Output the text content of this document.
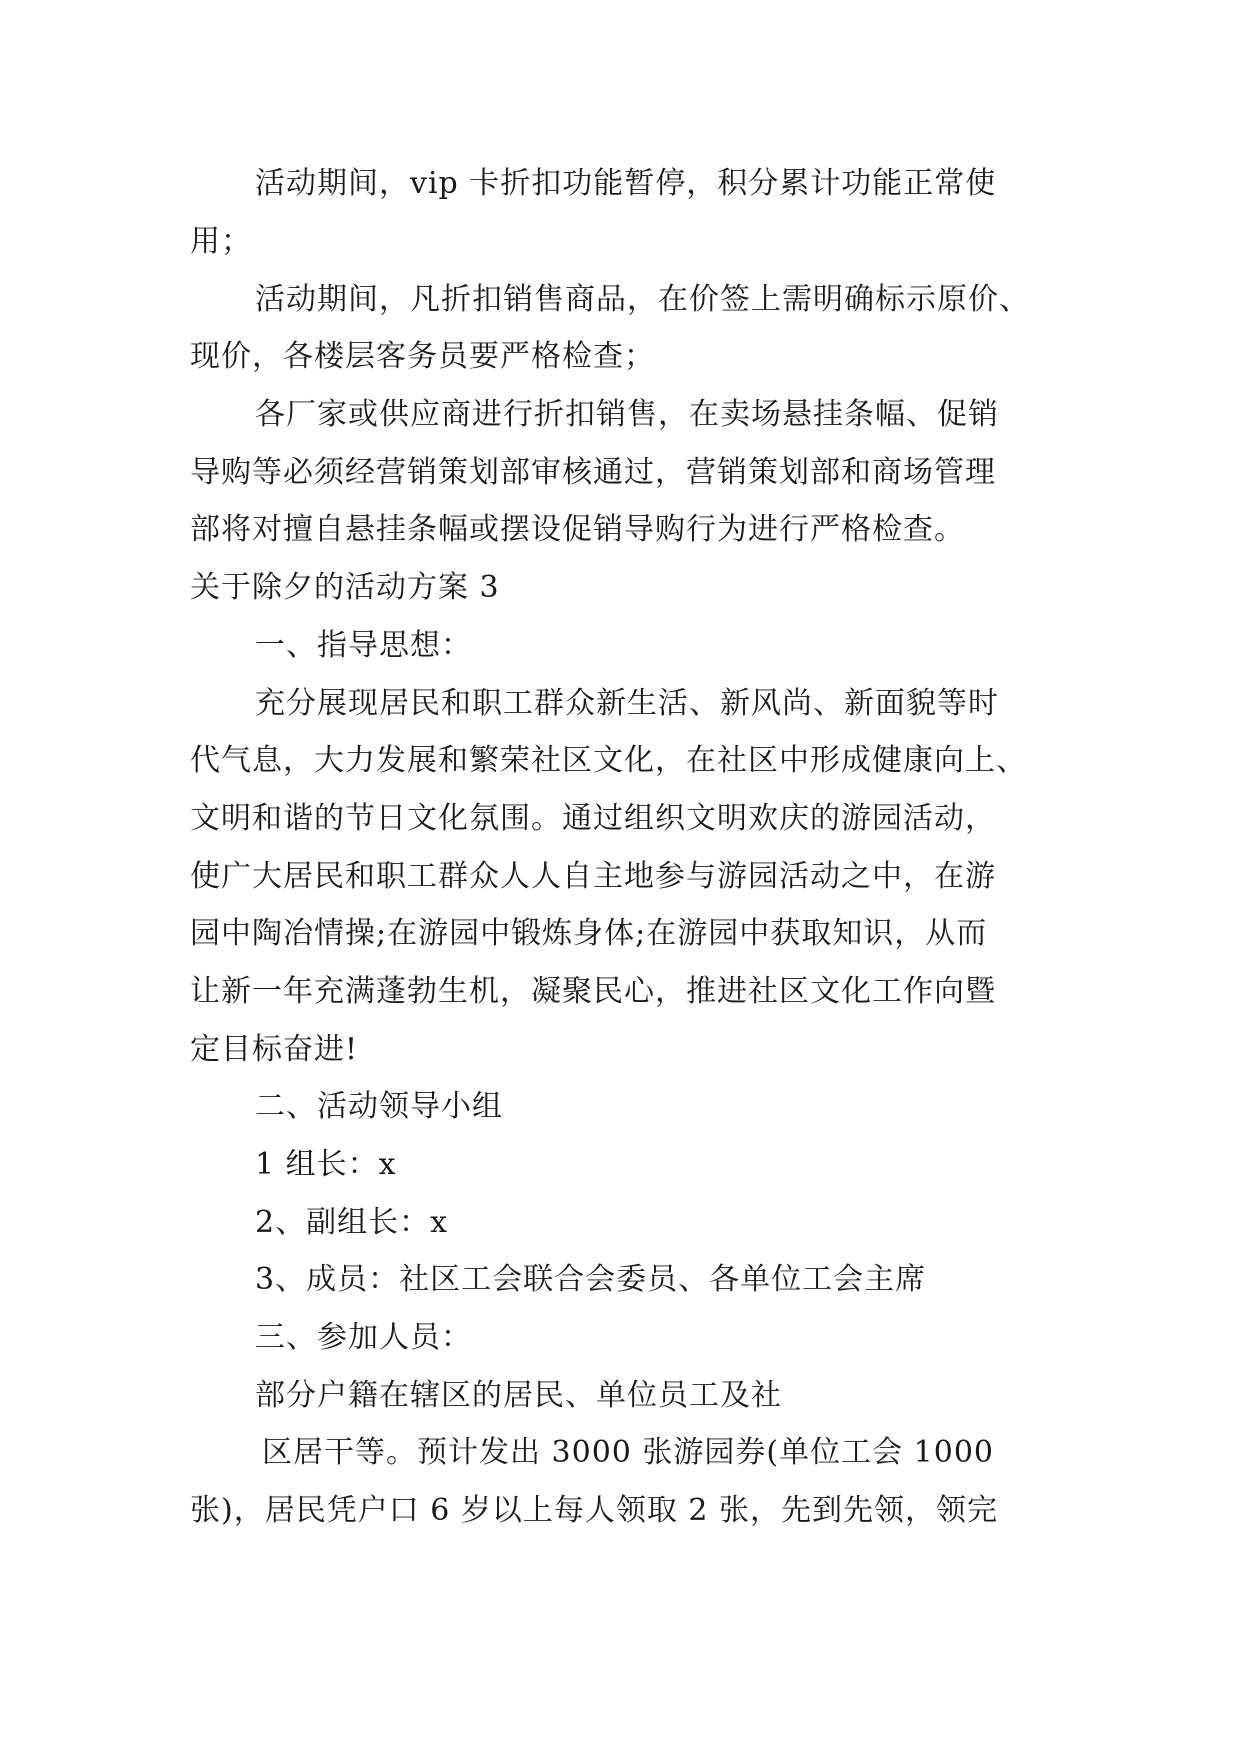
活动期间，vip 卡折扣功能暂停，积分累计功能正常使
用；
活动期间，凡折扣销售商品，在价签上需明确标示原价、
现价，各楼层客务员要严格检查；
各厂家或供应商进行折扣销售，在卖场悬挂条幅、促销
导购等必须经营销策划部审核通过，营销策划部和商场管理
部将对擅自悬挂条幅或摆设促销导购行为进行严格检查。
关于除夕的活动方案 3
一、指导思想：
充分展现居民和职工群众新生活、新风尚、新面貌等时
代气息，大力发展和繁荣社区文化，在社区中形成健康向上、
文明和谐的节日文化氛围。通过组织文明欢庆的游园活动，
使广大居民和职工群众人人自主地参与游园活动之中，在游
园中陶冶情操;在游园中锻炼身体;在游园中获取知识，从而
让新一年充满蓬勃生机，凝聚民心，推进社区文化工作向暨
定目标奋进!
二、活动领导小组
1 组长：x
2、副组长：x
3、成员：社区工会联合会委员、各单位工会主席
三、参加人员：
部分户籍在辖区的居民、单位员工及社
区居干等。预计发出 3000 张游园券(单位工会 1000
张)，居民凭户口 6 岁以上每人领取 2 张，先到先领，领完
